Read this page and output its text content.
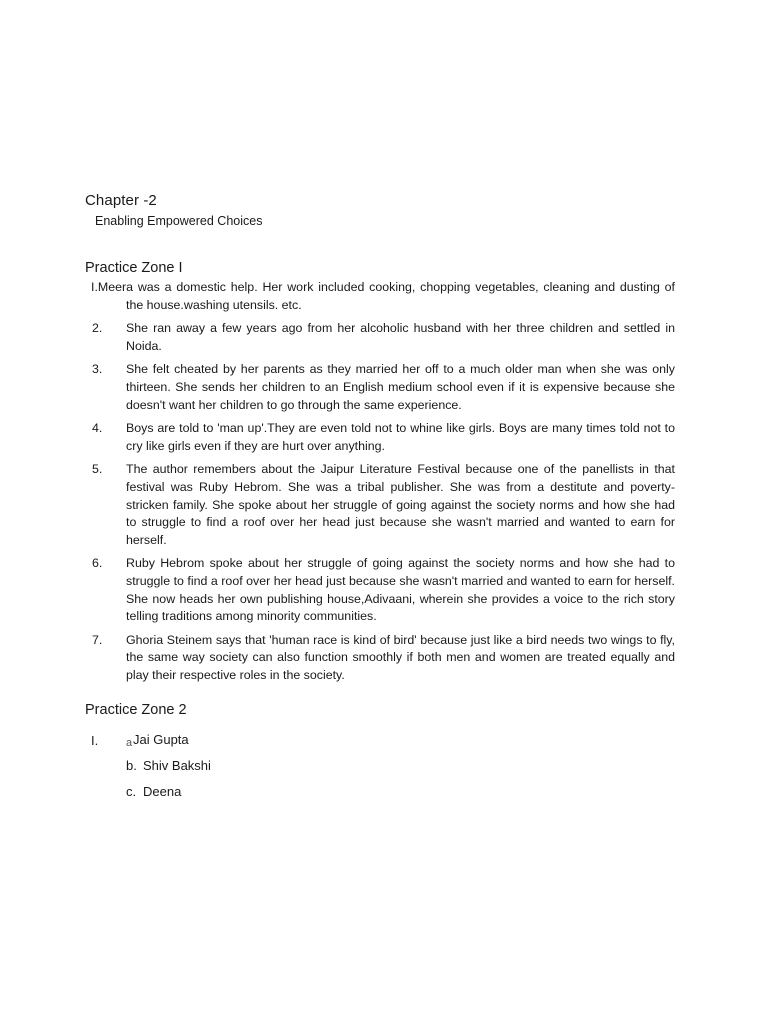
Chapter -2
Enabling Empowered Choices
Practice Zone I
I.Meera was a domestic help. Her work included cooking, chopping vegetables, cleaning and dusting of the house.washing utensils. etc.
2. She ran away a few years ago from her alcoholic husband with her three children and settled in Noida.
3. She felt cheated by her parents as they married her off to a much older man when she was only thirteen. She sends her children to an English medium school even if it is expensive because she doesn't want her children to go through the same experience.
4. Boys are told to 'man up'.They are even told not to whine like girls. Boys are many times told not to cry like girls even if they are hurt over anything.
5. The author remembers about the Jaipur Literature Festival because one of the panellists in that festival was Ruby Hebrom. She was a tribal publisher. She was from a destitute and poverty-stricken family. She spoke about her struggle of going against the society norms and how she had to struggle to find a roof over her head just because she wasn't married and wanted to earn for herself.
6. Ruby Hebrom spoke about her struggle of going against the society norms and how she had to struggle to find a roof over her head just because she wasn't married and wanted to earn for herself. She now heads her own publishing house,Adivaani, wherein she provides a voice to the rich story telling traditions among minority communities.
7. Ghoria Steinem says that 'human race is kind of bird' because just like a bird needs two wings to fly, the same way society can also function smoothly if both men and women are treated equally and play their respective roles in the society.
Practice Zone 2
I.	aJai Gupta
b. Shiv Bakshi
c. Deena
